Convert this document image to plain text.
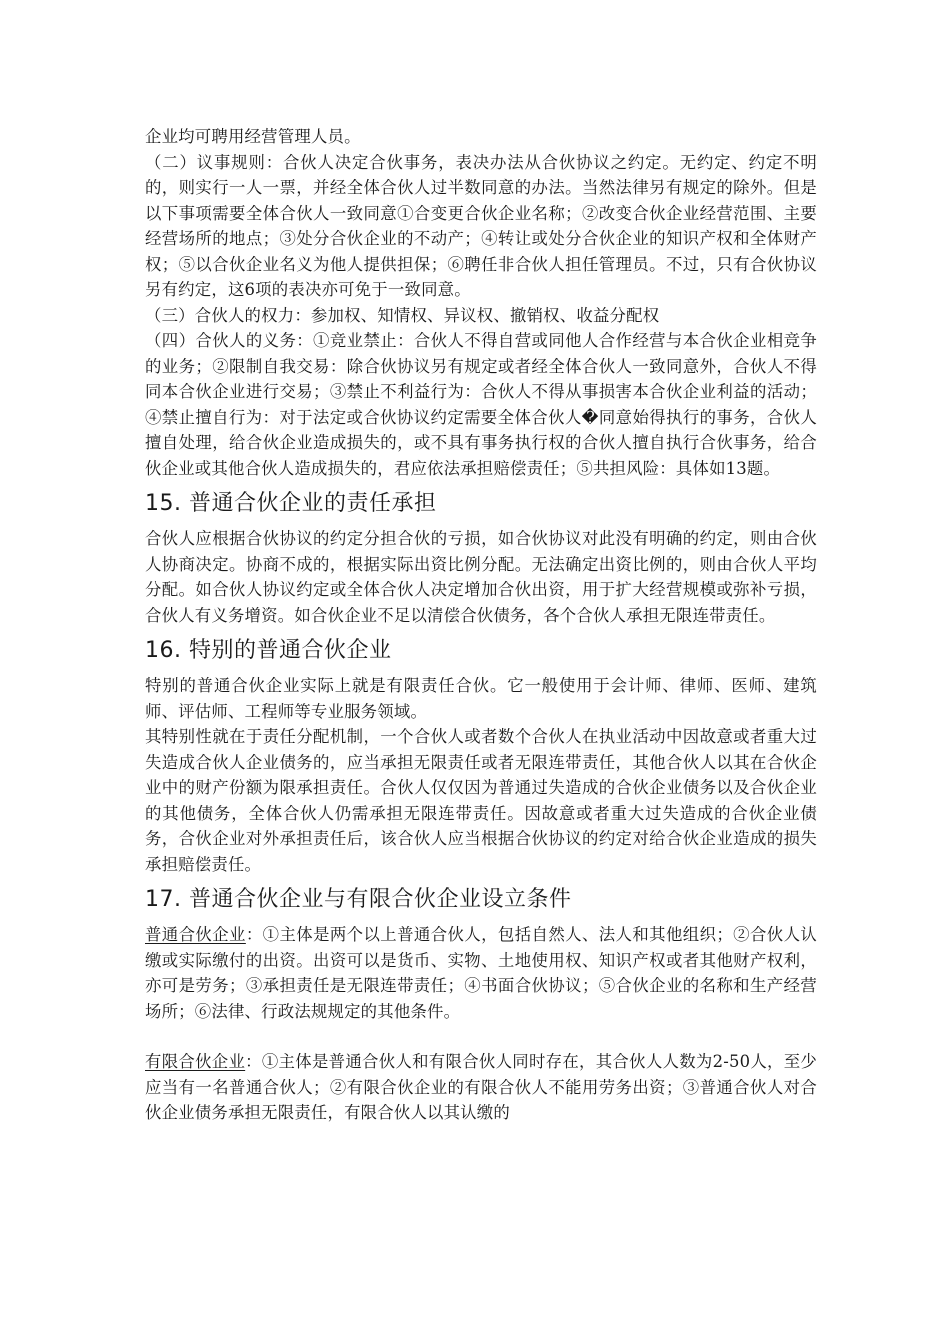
企业均可聘用经营管理人员。

（二）议事规则：合伙人决定合伙事务，表决办法从合伙协议之约定。无约定、约定不明的，则实行一人一票，并经全体合伙人过半数同意的办法。当然法律另有规定的除外。但是以下事项需要全体合伙人一致同意①合变更合伙企业名称；②改变合伙企业经营范围、主要经营场所的地点；③处分合伙企业的不动产；④转让或处分合伙企业的知识产权和全体财产权；⑤以合伙企业名义为他人提供担保；⑥聘任非合伙人担任管理员。不过，只有合伙协议另有约定，这6项的表决亦可免于一致同意。

（三）合伙人的权力：参加权、知情权、异议权、撤销权、收益分配权

（四）合伙人的义务：①竞业禁止：合伙人不得自营或同他人合作经营与本合伙企业相竞争的业务；②限制自我交易：除合伙协议另有规定或者经全体合伙人一致同意外，合伙人不得同本合伙企业进行交易；③禁止不利益行为：合伙人不得从事损害本合伙企业利益的活动；④禁止擅自行为：对于法定或合伙协议约定需要全体合伙人�同意始得执行的事务，合伙人擅自处理，给合伙企业造成损失的，或不具有事务执行权的合伙人擅自执行合伙事务，给合伙企业或其他合伙人造成损失的，君应依法承担赔偿责任；⑤共担风险：具体如13题。

15. 普通合伙企业的责任承担

合伙人应根据合伙协议的约定分担合伙的亏损，如合伙协议对此没有明确的约定，则由合伙人协商决定。协商不成的，根据实际出资比例分配。无法确定出资比例的，则由合伙人平均分配。如合伙人协议约定或全体合伙人决定增加合伙出资，用于扩大经营规模或弥补亏损，合伙人有义务增资。如合伙企业不足以清偿合伙债务，各个合伙人承担无限连带责任。

16. 特别的普通合伙企业

特别的普通合伙企业实际上就是有限责任合伙。它一般使用于会计师、律师、医师、建筑师、评估师、工程师等专业服务领域。

其特别性就在于责任分配机制，一个合伙人或者数个合伙人在执业活动中因故意或者重大过失造成合伙人企业债务的，应当承担无限责任或者无限连带责任，其他合伙人以其在合伙企业中的财产份额为限承担责任。合伙人仅仅因为普通过失造成的合伙企业债务以及合伙企业的其他债务，全体合伙人仍需承担无限连带责任。因故意或者重大过失造成的合伙企业债务，合伙企业对外承担责任后，该合伙人应当根据合伙协议的约定对给合伙企业造成的损失承担赔偿责任。

17. 普通合伙企业与有限合伙企业设立条件

普通合伙企业：①主体是两个以上普通合伙人，包括自然人、法人和其他组织；②合伙人认缴或实际缴付的出资。出资可以是货币、实物、土地使用权、知识产权或者其他财产权利，亦可是劳务；③承担责任是无限连带责任；④书面合伙协议；⑤合伙企业的名称和生产经营场所；⑥法律、行政法规规定的其他条件。

有限合伙企业：①主体是普通合伙人和有限合伙人同时存在，其合伙人人数为2-50人，至少应当有一名普通合伙人；②有限合伙企业的有限合伙人不能用劳务出资；③普通合伙人对合伙企业债务承担无限责任，有限合伙人以其认缴的
